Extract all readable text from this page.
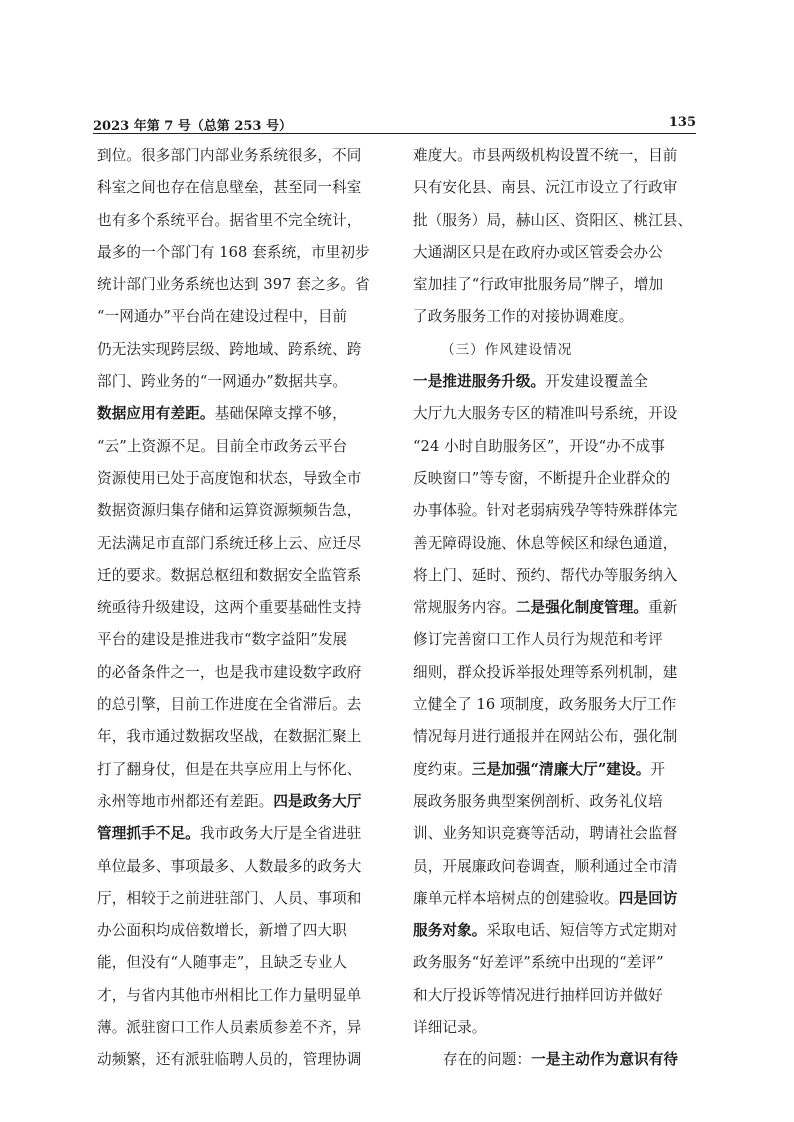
2023 年第 7 号（总第 253 号）	135
到位。很多部门内部业务系统很多，不同
科室之间也存在信息壁垒，甚至同一科室
也有多个系统平台。据省里不完全统计，
最多的一个部门有 168 套系统，市里初步
统计部门业务系统也达到 397 套之多。省
“一网通办”平台尚在建设过程中，目前
仍无法实现跨层级、跨地域、跨系统、跨
部门、跨业务的“一网通办”数据共享。
数据应用有差距。基础保障支撑不够，
“云”上资源不足。目前全市政务云平台
资源使用已处于高度饱和状态，导致全市
数据资源归集存储和运算资源频频告急，
无法满足市直部门系统迁移上云、应迁尽
迁的要求。数据总枢纽和数据安全监管系
统亟待升级建设，这两个重要基础性支持
平台的建设是推进我市“数字益阳”发展
的必备条件之一，也是我市建设数字政府
的总引擎，目前工作进度在全省滞后。去
年，我市通过数据攻坚战，在数据汇聚上
打了翻身仗，但是在共享应用上与怀化、
永州等地市州都还有差距。四是政务大厅
管理抓手不足。我市政务大厅是全省进驻
单位最多、事项最多、人数最多的政务大
厅，相较于之前进驻部门、人员、事项和
办公面积均成倍数增长，新增了四大职
能，但没有“人随事走”，且缺乏专业人
才，与省内其他市州相比工作力量明显单
薄。派驻窗口工作人员素质参差不齐，异
动频繁，还有派驻临聘人员的，管理协调
难度大。市县两级机构设置不统一，目前
只有安化县、南县、沅江市设立了行政审
批（服务）局，赫山区、资阳区、桃江县、
大通湖区只是在政府办或区管委会办公
室加挂了“行政审批服务局”牌子，增加
了政务服务工作的对接协调难度。
（三）作风建设情况
一是推进服务升级。开发建设覆盖全
大厅九大服务专区的精准叫号系统，开设
“24 小时自助服务区”，开设“办不成事
反映窗口”等专窗，不断提升企业群众的
办事体验。针对老弱病残孕等特殊群体完
善无障碍设施、休息等候区和绿色通道，
将上门、延时、预约、帮代办等服务纳入
常规服务内容。二是强化制度管理。重新
修订完善窗口工作人员行为规范和考评
细则，群众投诉举报处理等系列机制，建
立健全了 16 项制度，政务服务大厅工作
情况每月进行通报并在网站公布，强化制
度约束。三是加强“清廉大厅”建设。开
展政务服务典型案例剖析、政务礼仪培
训、业务知识竞赛等活动，聘请社会监督
员，开展廉政问卷调查，顺利通过全市清
廉单元样本培树点的创建验收。四是回访
服务对象。采取电话、短信等方式定期对
政务服务“好差评”系统中出现的“差评”
和大厅投诉等情况进行抽样回访并做好
详细记录。
存在的问题：一是主动作为意识有待
